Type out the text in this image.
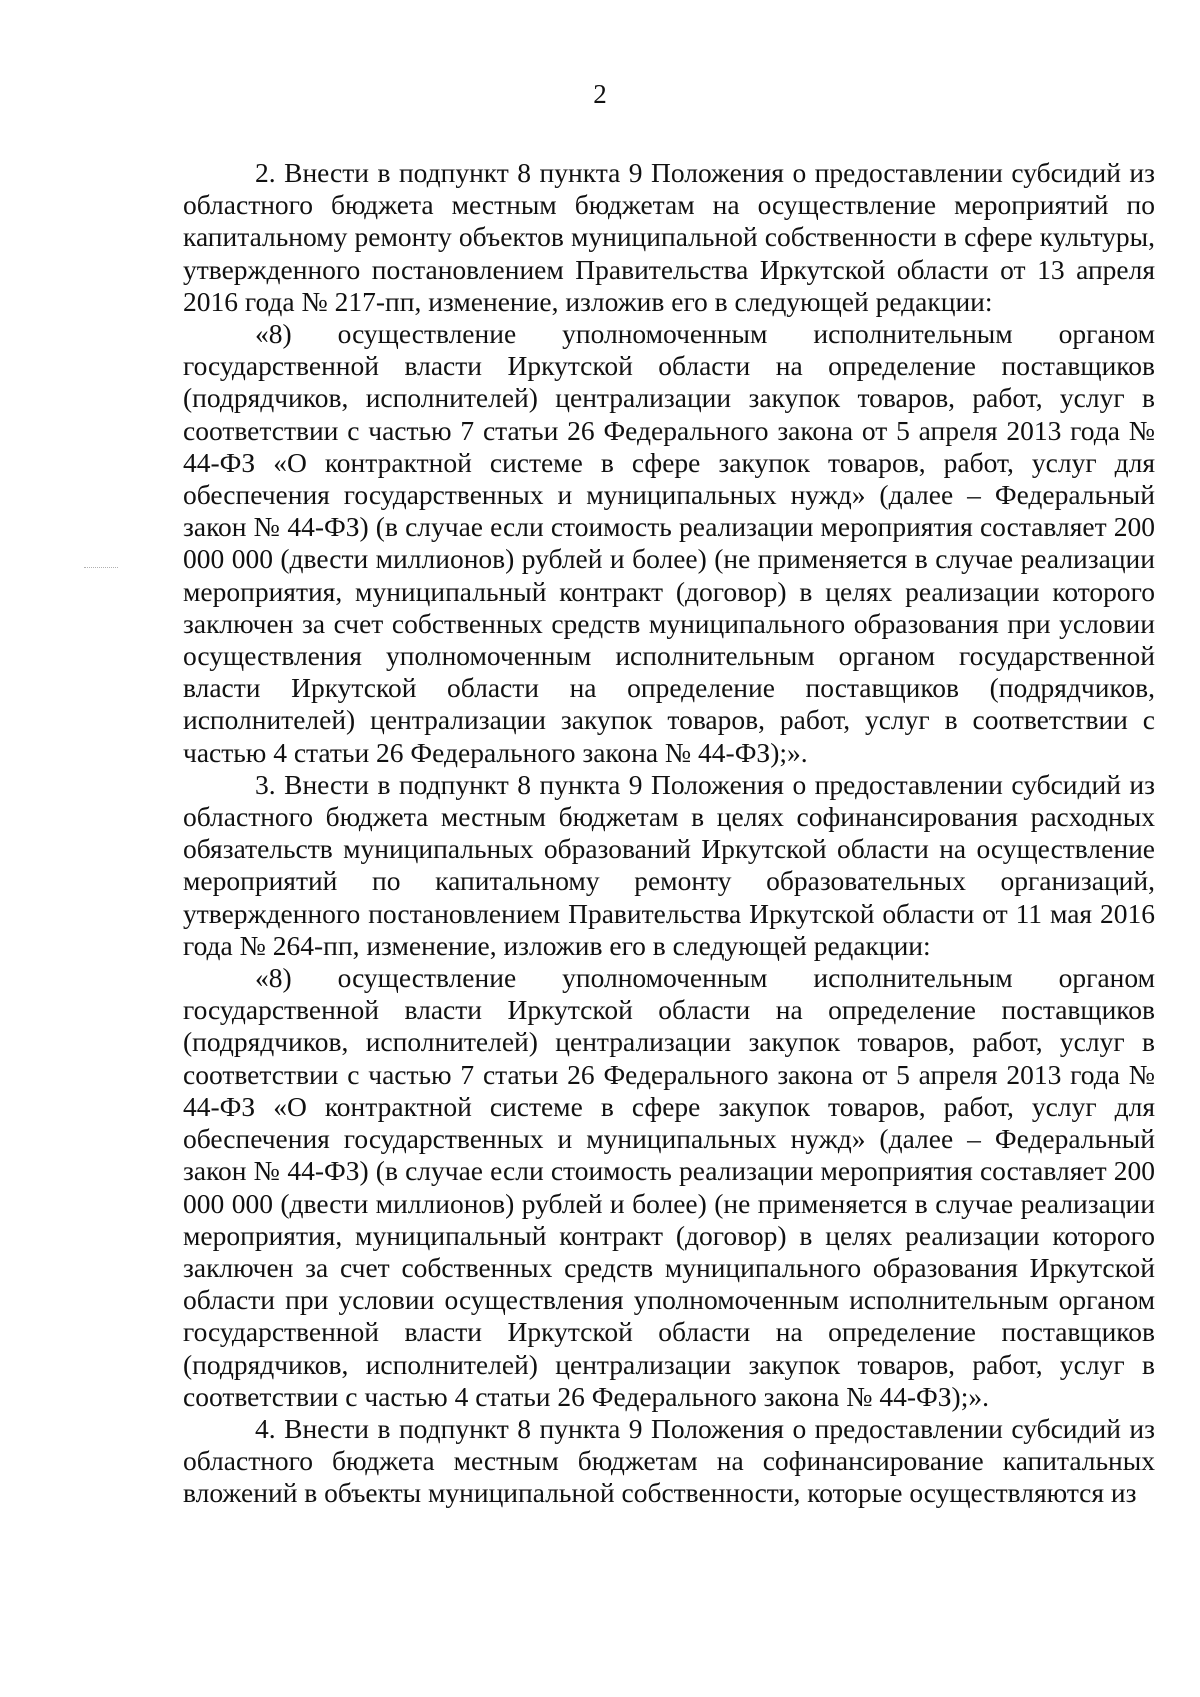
2

2. Внести в подпункт 8 пункта 9 Положения о предоставлении субсидий из областного бюджета местным бюджетам на осуществление мероприятий по капитальному ремонту объектов муниципальной собственности в сфере культуры, утвержденного постановлением Правительства Иркутской области от 13 апреля 2016 года № 217-пп, изменение, изложив его в следующей редакции:

«8) осуществление уполномоченным исполнительным органом государственной власти Иркутской области на определение поставщиков (подрядчиков, исполнителей) централизации закупок товаров, работ, услуг в соответствии с частью 7 статьи 26 Федерального закона от 5 апреля 2013 года № 44-ФЗ «О контрактной системе в сфере закупок товаров, работ, услуг для обеспечения государственных и муниципальных нужд» (далее – Федеральный закон № 44-ФЗ) (в случае если стоимость реализации мероприятия составляет 200 000 000 (двести миллионов) рублей и более) (не применяется в случае реализации мероприятия, муниципальный контракт (договор) в целях реализации которого заключен за счет собственных средств муниципального образования при условии осуществления уполномоченным исполнительным органом государственной власти Иркутской области на определение поставщиков (подрядчиков, исполнителей) централизации закупок товаров, работ, услуг в соответствии с частью 4 статьи 26 Федерального закона № 44-ФЗ);».

3. Внести в подпункт 8 пункта 9 Положения о предоставлении субсидий из областного бюджета местным бюджетам в целях софинансирования расходных обязательств муниципальных образований Иркутской области на осуществление мероприятий по капитальному ремонту образовательных организаций, утвержденного постановлением Правительства Иркутской области от 11 мая 2016 года № 264-пп, изменение, изложив его в следующей редакции:

«8) осуществление уполномоченным исполнительным органом государственной власти Иркутской области на определение поставщиков (подрядчиков, исполнителей) централизации закупок товаров, работ, услуг в соответствии с частью 7 статьи 26 Федерального закона от 5 апреля 2013 года № 44-ФЗ «О контрактной системе в сфере закупок товаров, работ, услуг для обеспечения государственных и муниципальных нужд» (далее – Федеральный закон № 44-ФЗ) (в случае если стоимость реализации мероприятия составляет 200 000 000 (двести миллионов) рублей и более) (не применяется в случае реализации мероприятия, муниципальный контракт (договор) в целях реализации которого заключен за счет собственных средств муниципального образования Иркутской области при условии осуществления уполномоченным исполнительным органом государственной власти Иркутской области на определение поставщиков (подрядчиков, исполнителей) централизации закупок товаров, работ, услуг в соответствии с частью 4 статьи 26 Федерального закона № 44-ФЗ);».

4. Внести в подпункт 8 пункта 9 Положения о предоставлении субсидий из областного бюджета местным бюджетам на софинансирование капитальных вложений в объекты муниципальной собственности, которые осуществляются из
